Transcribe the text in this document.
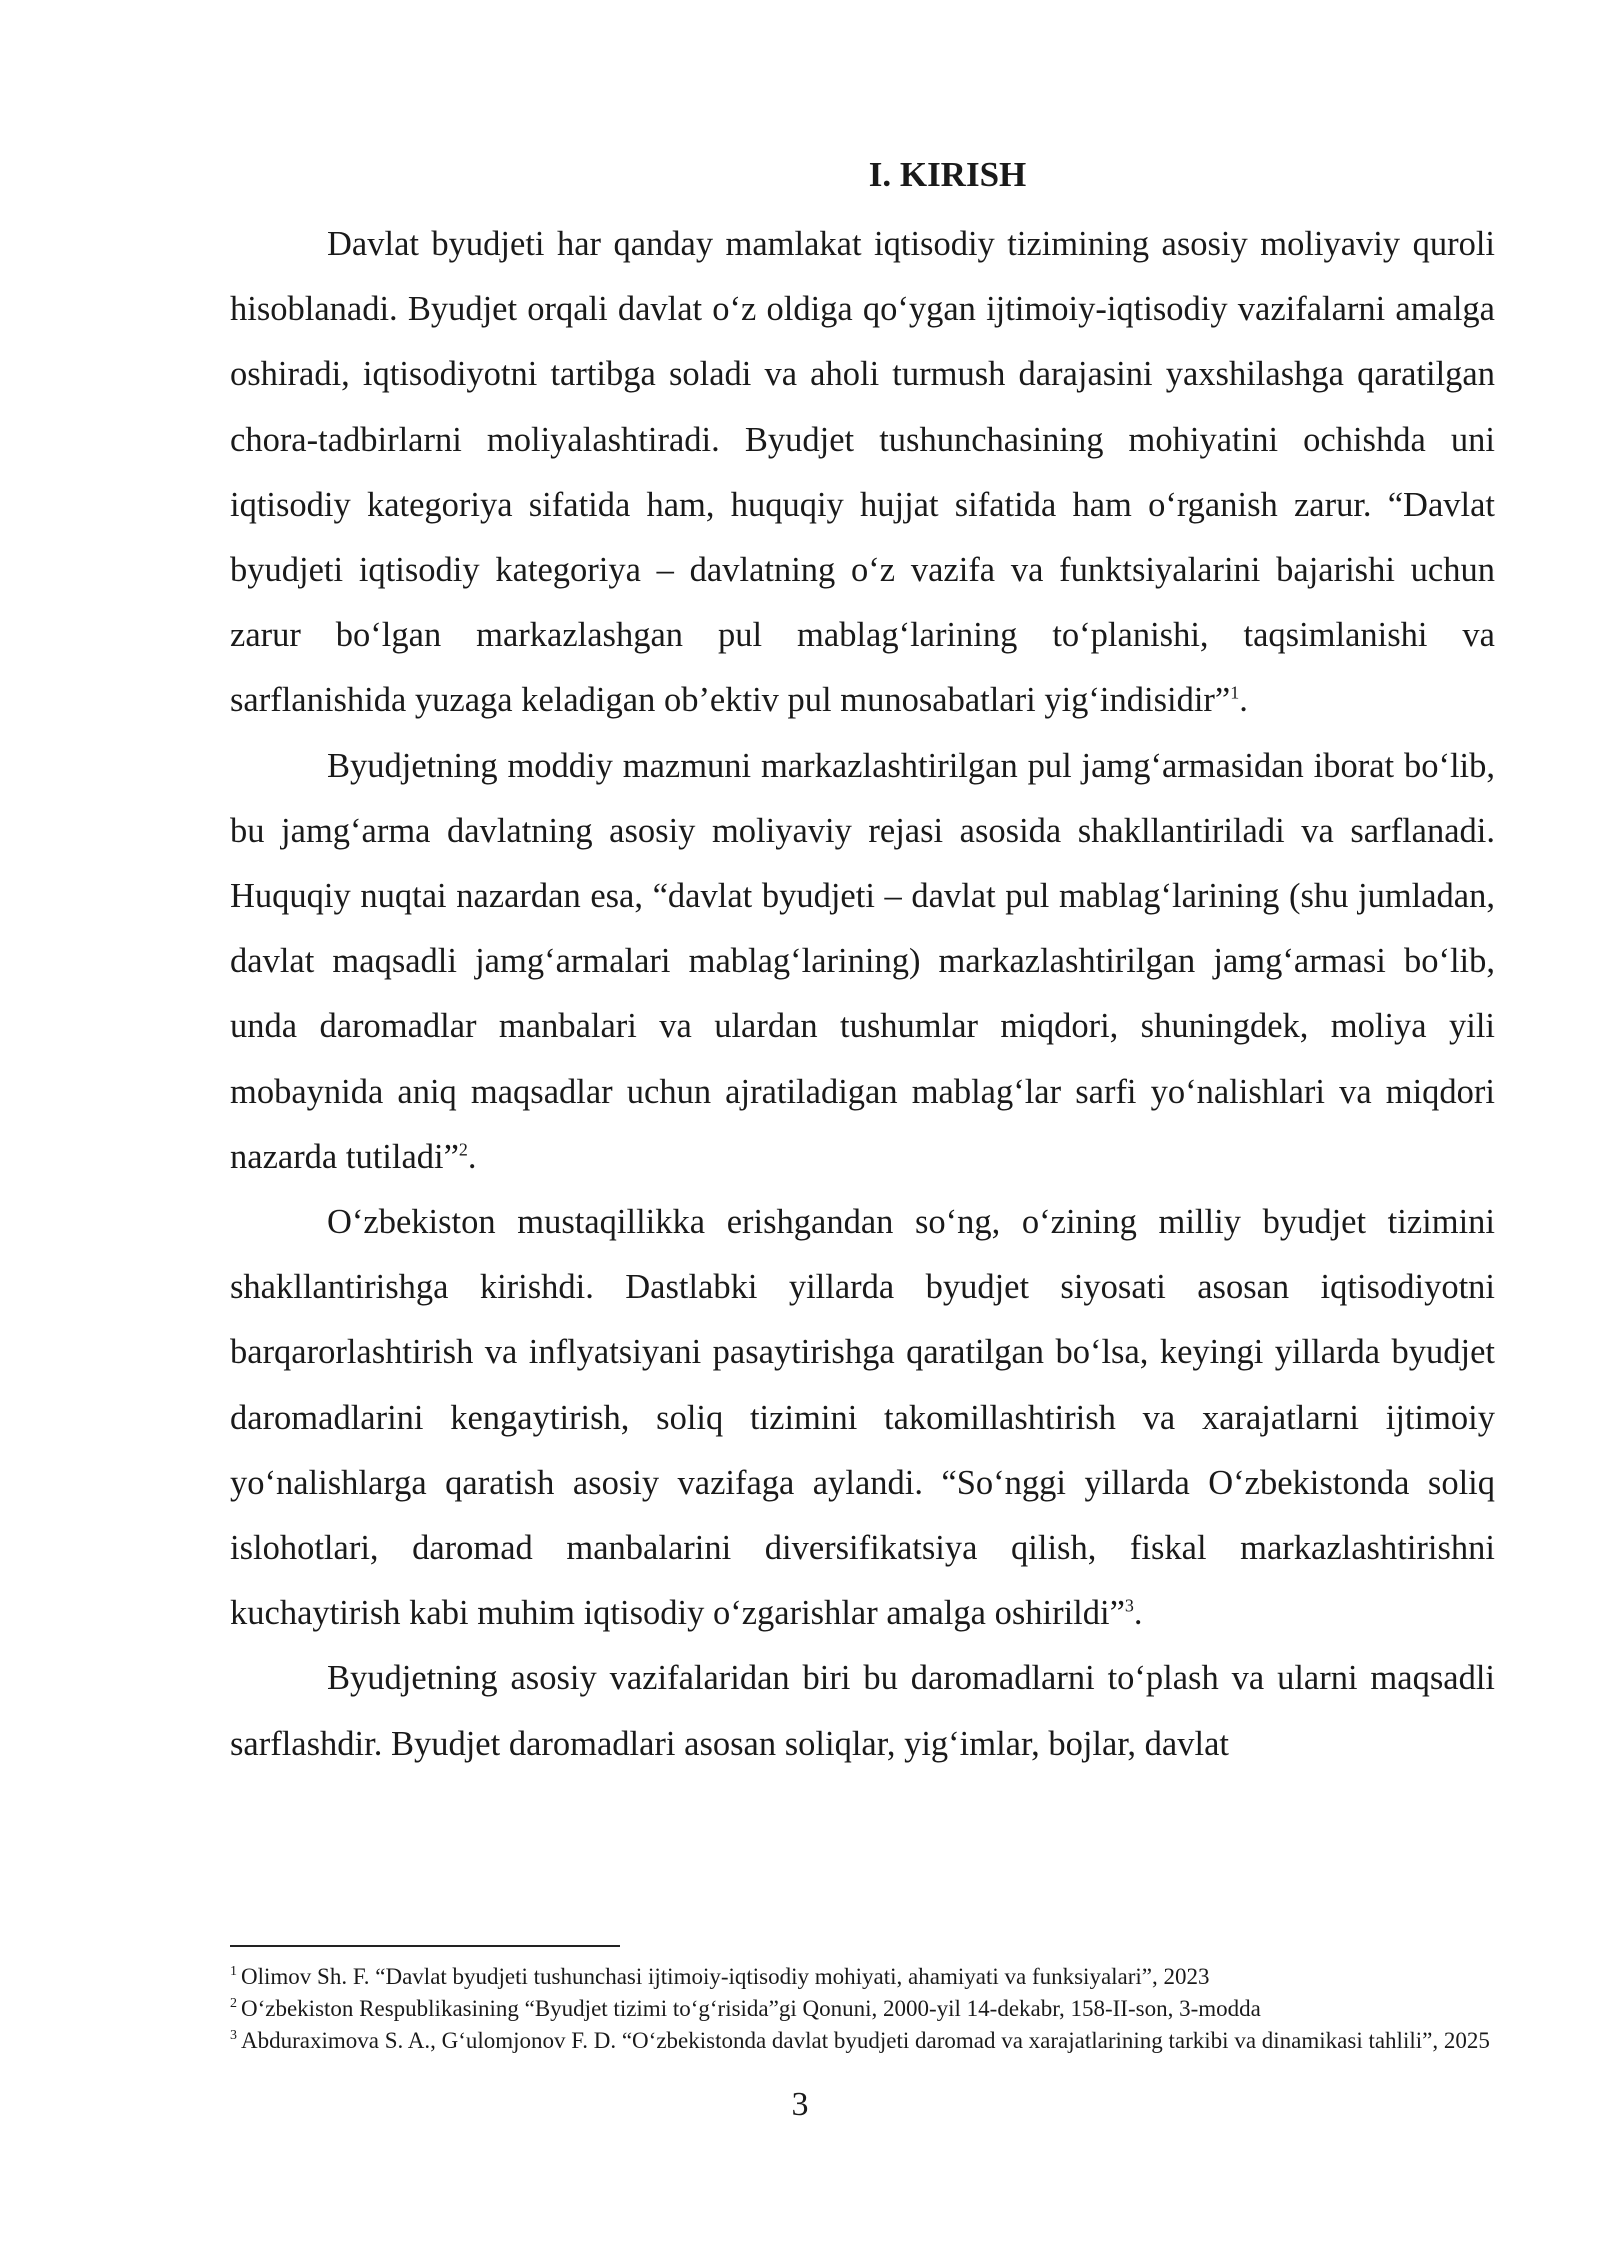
I. KIRISH

Davlat byudjeti har qanday mamlakat iqtisodiy tizimining asosiy moliyaviy quroli hisoblanadi. Byudjet orqali davlat o‘z oldiga qo‘ygan ijtimoiy-iqtisodiy vazifalarni amalga oshiradi, iqtisodiyotni tartibga soladi va aholi turmush darajasini yaxshilashga qaratilgan chora-tadbirlarni moliyalashtiradi. Byudjet tushunchasining mohiyatini ochishda uni iqtisodiy kategoriya sifatida ham, huquqiy hujjat sifatida ham o‘rganish zarur. “Davlat byudjeti iqtisodiy kategoriya – davlatning o‘z vazifa va funktsiyalarini bajarishi uchun zarur bo‘lgan markazlashgan pul mablag‘larining to‘planishi, taqsimlanishi va sarflanishida yuzaga keladigan ob’ektiv pul munosabatlari yig‘indisidir”$^1$.

Byudjetning moddiy mazmuni markazlashtirilgan pul jamg‘armasidan iborat bo‘lib, bu jamg‘arma davlatning asosiy moliyaviy rejasi asosida shakllantiriladi va sarflanadi. Huquqiy nuqtai nazardan esa, “davlat byudjeti – davlat pul mablag‘larining (shu jumladan, davlat maqsadli jamg‘armalari mablag‘larining) markazlashtirilgan jamg‘armasi bo‘lib, unda daromadlar manbalari va ulardan tushumlar miqdori, shuningdek, moliya yili mobaynida aniq maqsadlar uchun ajratiladigan mablag‘lar sarfi yo‘nalishlari va miqdori nazarda tutiladi”$^2$.

O‘zbekiston mustaqillikka erishgandan so‘ng, o‘zining milliy byudjet tizimini shakllantirishga kirishdi. Dastlabki yillarda byudjet siyosati asosan iqtisodiyotni barqarorlashtirish va inflyatsiyani pasaytirishga qaratilgan bo‘lsa, keyingi yillarda byudjet daromadlarini kengaytirish, soliq tizimini takomillashtirish va xarajatlarni ijtimoiy yo‘nalishlarga qaratish asosiy vazifaga aylandi. “So‘nggi yillarda O‘zbekistonda soliq islohotlari, daromad manbalarini diversifikatsiya qilish, fiskal markazlashtirishni kuchaytirish kabi muhim iqtisodiy o‘zgarishlar amalga oshirildi”$^3$.

Byudjetning asosiy vazifalaridan biri bu daromadlarni to‘plash va ularni maqsadli sarflashdir. Byudjet daromadlari asosan soliqlar, yig‘imlar, bojlar, davlat

$^1$ Olimov Sh. F. “Davlat byudjeti tushunchasi ijtimoiy-iqtisodiy mohiyati, ahamiyati va funksiyalari”, 2023

$^2$ O‘zbekiston Respublikasining “Byudjet tizimi to‘g‘risida”gi Qonuni, 2000-yil 14-dekabr, 158-II-son, 3-modda

$^3$ Abduraximova S. A., G‘ulomjonov F. D. “O‘zbekistonda davlat byudjeti daromad va xarajatlarining tarkibi va dinamikasi tahlili”, 2025

3
